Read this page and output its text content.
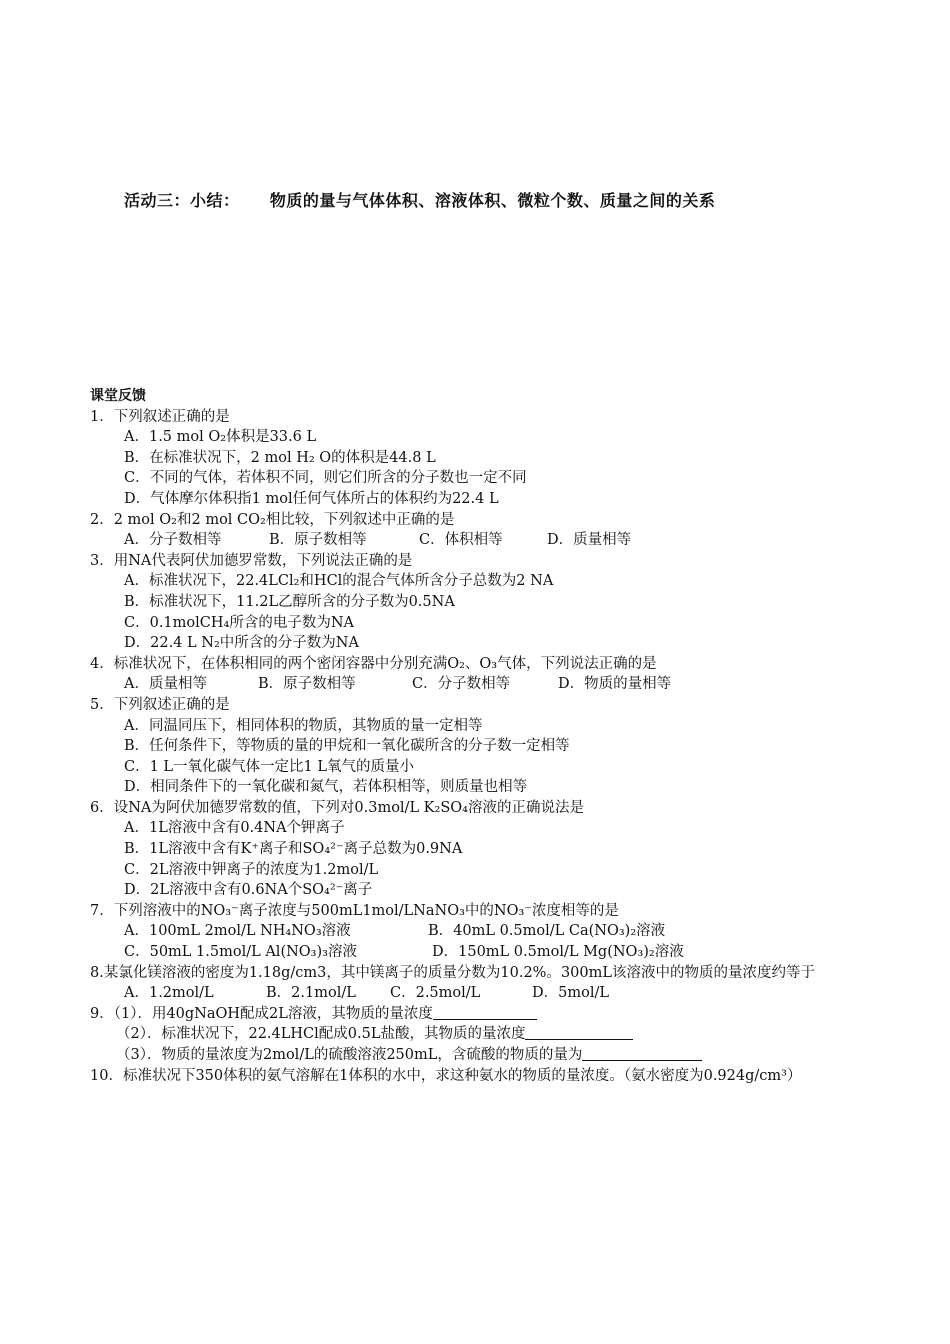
活动三：小结： 物质的量与气体体积、溶液体积、微粒个数、质量之间的关系
课堂反馈
1．下列叙述正确的是
A．1.5 mol O₂体积是33.6 L
B．在标准状况下，2 mol H₂ O的体积是44.8 L
C．不同的气体，若体积不同，则它们所含的分子数也一定不同
D．气体摩尔体积指1 mol任何气体所占的体积约为22.4 L
2．2 mol O₂和2 mol CO₂相比较，下列叙述中正确的是
A．分子数相等	B．原子数相等	C．体积相等	D．质量相等
3．用NA代表阿伏加德罗常数，下列说法正确的是
A．标准状况下，22.4LCl₂和HCl的混合气体所含分子总数为2 NA
B．标准状况下，11.2L乙醇所含的分子数为0.5NA
C．0.1molCH₄所含的电子数为NA
D．22.4 L N₂中所含的分子数为NA
4．标准状况下，在体积相同的两个密闭容器中分别充满O₂、O₃气体，下列说法正确的是
A．质量相等	B．原子数相等	C．分子数相等	D．物质的量相等
5．下列叙述正确的是
A．同温同压下，相同体积的物质，其物质的量一定相等
B．任何条件下，等物质的量的甲烷和一氧化碳所含的分子数一定相等
C．1 L一氧化碳气体一定比1 L氧气的质量小
D．相同条件下的一氧化碳和氮气，若体积相等，则质量也相等
6．设NA为阿伏加德罗常数的值，下列对0.3mol/L K₂SO₄溶液的正确说法是
A．1L溶液中含有0.4NA个钾离子
B．1L溶液中含有K⁺离子和SO₄²⁻离子总数为0.9NA
C．2L溶液中钾离子的浓度为1.2mol/L
D．2L溶液中含有0.6NA个SO₄²⁻离子
7．下列溶液中的NO₃⁻离子浓度与500mL1mol/LNaNO₃中的NO₃⁻浓度相等的是
A．100mL 2mol/L NH₄NO₃溶液	B．40mL 0.5mol/L Ca(NO₃)₂溶液
C．50mL 1.5mol/L Al(NO₃)₃溶液	D．150mL 0.5mol/L Mg(NO₃)₂溶液
8.某氯化镁溶液的密度为1.18g/cm3，其中镁离子的质量分数为10.2%。300mL该溶液中的物质的量浓度约等于
A．1.2mol/L	B．2.1mol/L C．2.5mol/L	D．5mol/L
9．（1）．用40gNaOH配成2L溶液，其物质的量浓度
（2）．标准状况下，22.4LHCl配成0.5L盐酸，其物质的量浓度
（3）．物质的量浓度为2mol/L的硫酸溶液250mL，含硫酸的物质的量为
10．标准状况下350体积的氨气溶解在1体积的水中，求这种氨水的物质的量浓度。（氨水密度为0.924g/cm³）
